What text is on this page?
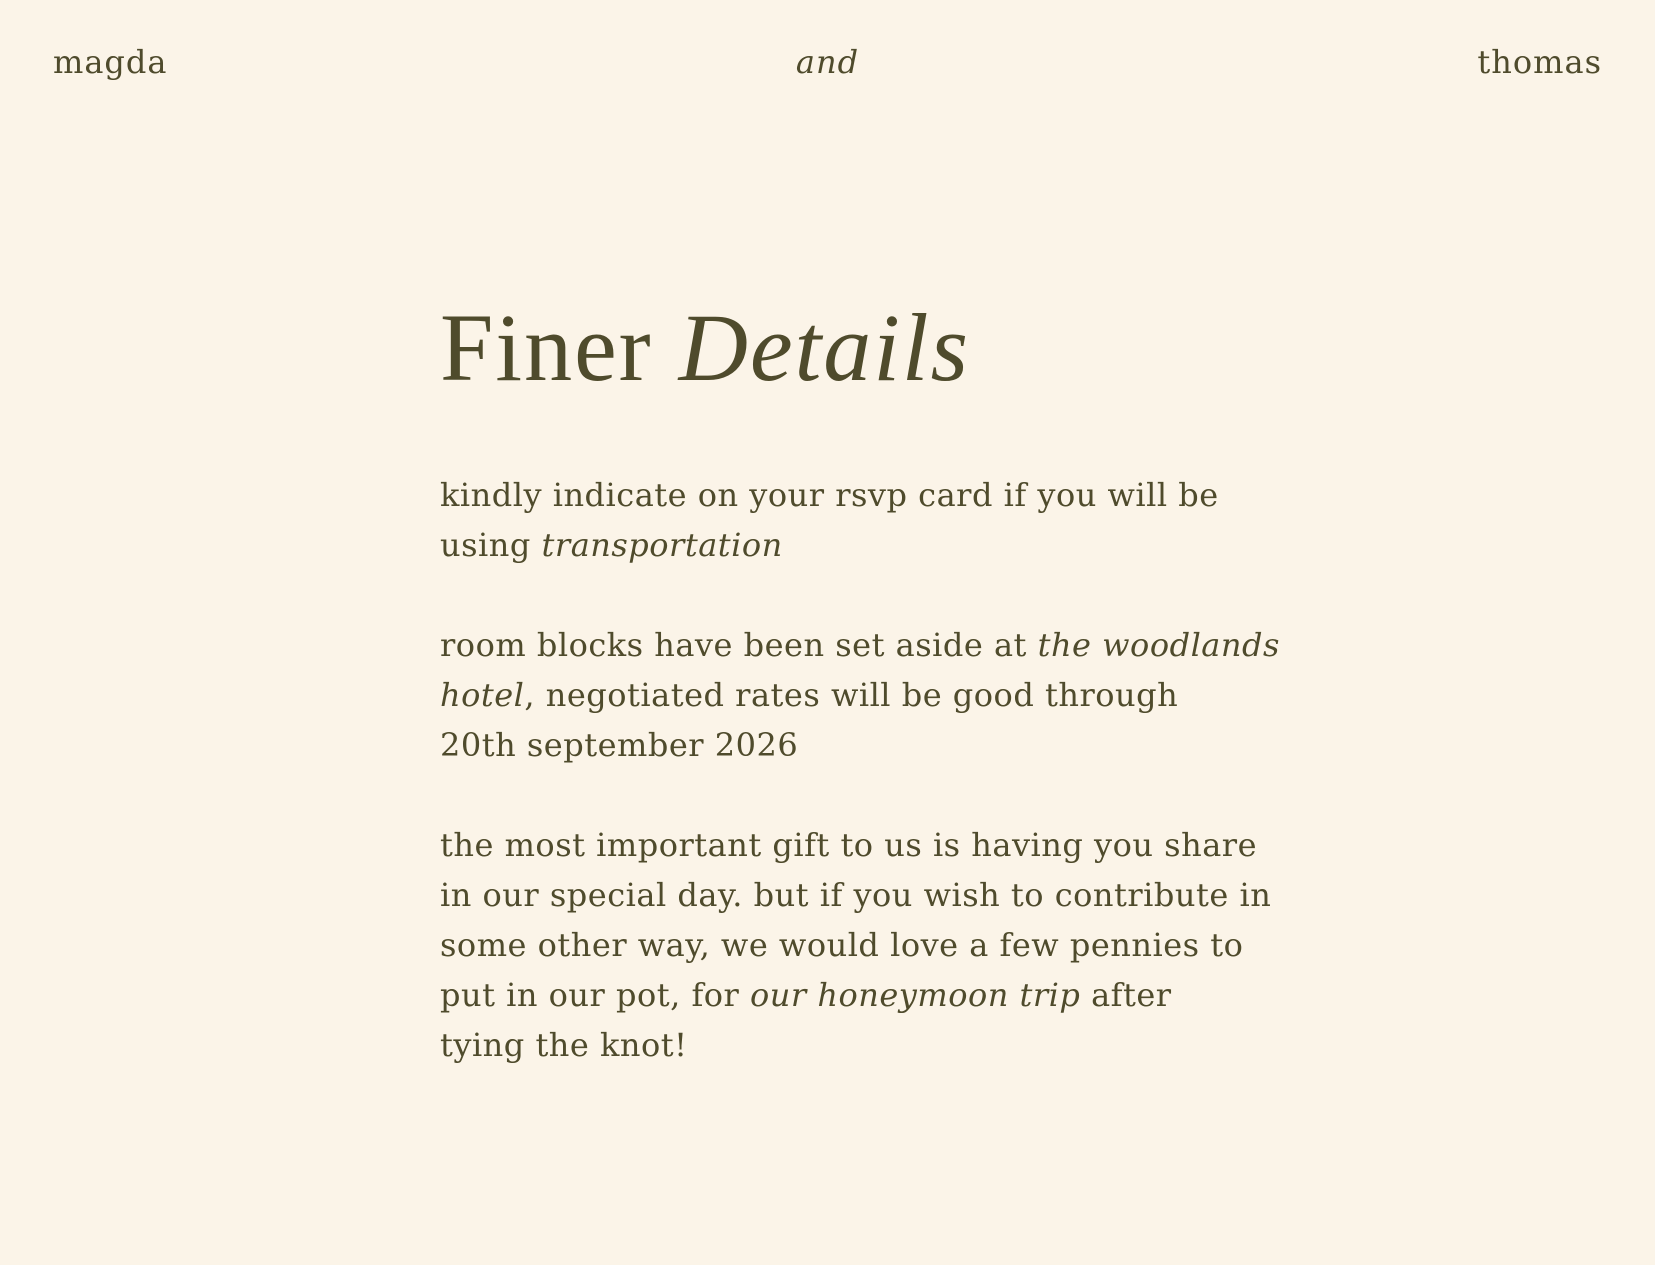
magda	and	thomas
Finer Details

kindly indicate on your rsvp card if you will be using transportation

room blocks have been set aside at the woodlands hotel, negotiated rates will be good through
20th september 2026

the most important gift to us is having you share in our special day. but if you wish to contribute in some other way, we would love a few pennies to put in our pot, for our honeymoon trip after
tying the knot!
